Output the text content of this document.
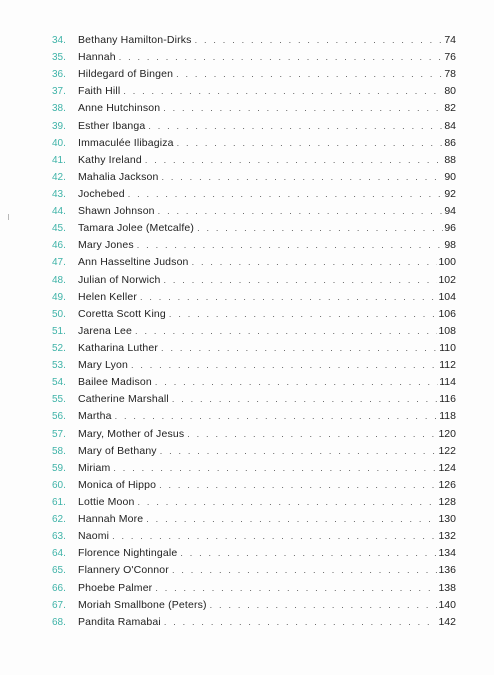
34.	Bethany Hamilton-Dirks . . .	74
35.	Hannah . . .	76
36.	Hildegard of Bingen . . .	78
37.	Faith Hill . . .	80
38.	Anne Hutchinson . . .	82
39.	Esther Ibanga . . .	84
40.	Immaculée Ilibagiza . . .	86
41.	Kathy Ireland . . .	88
42.	Mahalia Jackson . . .	90
43.	Jochebed . . .	92
44.	Shawn Johnson . . .	94
45.	Tamara Jolee (Metcalfe) . . .	96
46.	Mary Jones . . .	98
47.	Ann Hasseltine Judson . . .	100
48.	Julian of Norwich . . .	102
49.	Helen Keller . . .	104
50.	Coretta Scott King . . .	106
51.	Jarena Lee . . .	108
52.	Katharina Luther . . .	110
53.	Mary Lyon . . .	112
54.	Bailee Madison . . .	114
55.	Catherine Marshall . . .	116
56.	Martha . . .	118
57.	Mary, Mother of Jesus . . .	120
58.	Mary of Bethany . . .	122
59.	Miriam . . .	124
60.	Monica of Hippo . . .	126
61.	Lottie Moon . . .	128
62.	Hannah More . . .	130
63.	Naomi . . .	132
64.	Florence Nightingale . . .	134
65.	Flannery O'Connor . . .	136
66.	Phoebe Palmer . . .	138
67.	Moriah Smallbone (Peters) . . .	140
68.	Pandita Ramabai . . .	142
